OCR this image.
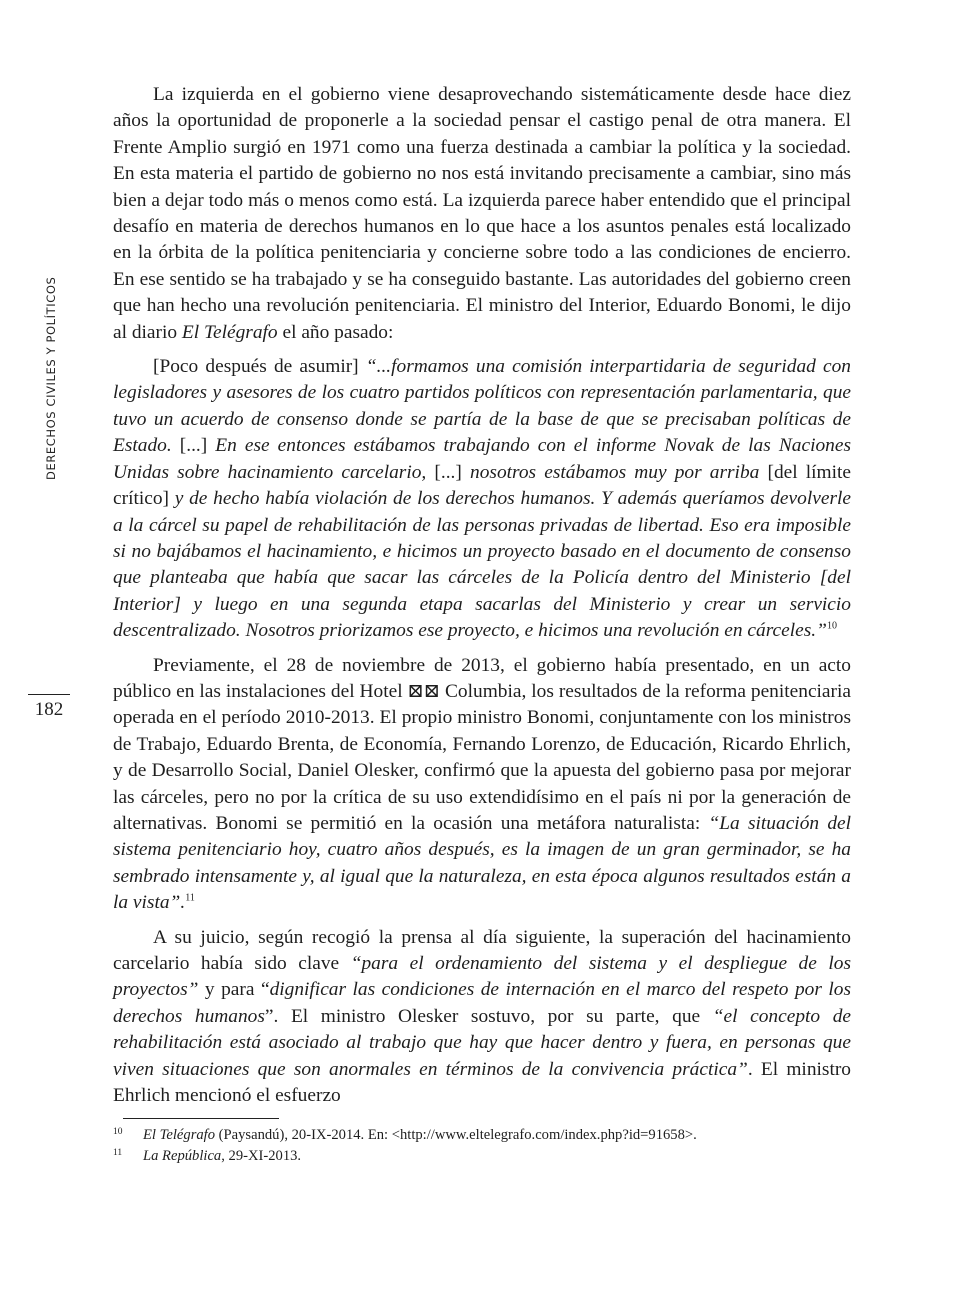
DERECHOS CIVILES Y POLÍTICOS
182

La izquierda en el gobierno viene desaprovechando sistemáticamente desde hace diez años la oportunidad de proponerle a la sociedad pensar el castigo penal de otra manera. El Frente Amplio surgió en 1971 como una fuerza destinada a cambiar la política y la sociedad. En esta materia el partido de gobierno no nos está invitando precisamente a cambiar, sino más bien a dejar todo más o menos como está. La izquierda parece haber entendido que el principal desafío en materia de derechos humanos en lo que hace a los asuntos penales está localizado en la órbita de la política penitenciaria y concierne sobre todo a las condiciones de encierro. En ese sentido se ha trabajado y se ha conseguido bastante. Las autoridades del gobierno creen que han hecho una revolución penitenciaria. El ministro del Interior, Eduardo Bonomi, le dijo al diario El Telégrafo el año pasado:

[Poco después de asumir] “...formamos una comisión interpartidaria de seguridad con legisladores y asesores de los cuatro partidos políticos con representación parlamentaria, que tuvo un acuerdo de consenso donde se partía de la base de que se precisaban políticas de Estado. [...] En ese entonces estábamos trabajando con el informe Novak de las Naciones Unidas sobre hacinamiento carcelario, [...] nosotros estábamos muy por arriba [del límite crítico] y de hecho había violación de los derechos humanos. Y además queríamos devolverle a la cárcel su papel de rehabilitación de las personas privadas de libertad. Eso era imposible si no bajábamos el hacinamiento, e hicimos un proyecto basado en el documento de consenso que planteaba que había que sacar las cárceles de la Policía dentro del Ministerio [del Interior] y luego en una segunda etapa sacarlas del Ministerio y crear un servicio descentralizado. Nosotros priorizamos ese proyecto, e hicimos una revolución en cárceles.”$^{10}$

Previamente, el 28 de noviembre de 2013, el gobierno había presentado, en un acto público en las instalaciones del Hotel ⊠⊠ Columbia, los resultados de la reforma penitenciaria operada en el período 2010-2013. El propio ministro Bonomi, conjuntamente con los ministros de Trabajo, Eduardo Brenta, de Economía, Fernando Lorenzo, de Educación, Ricardo Ehrlich, y de Desarrollo Social, Daniel Olesker, confirmó que la apuesta del gobierno pasa por mejorar las cárceles, pero no por la crítica de su uso extendidísimo en el país ni por la generación de alternativas. Bonomi se permitió en la ocasión una metáfora naturalista: “La situación del sistema penitenciario hoy, cuatro años después, es la imagen de un gran germinador, se ha sembrado intensamente y, al igual que la naturaleza, en esta época algunos resultados están a la vista”.$^{11}$

A su juicio, según recogió la prensa al día siguiente, la superación del hacinamiento carcelario había sido clave “para el ordenamiento del sistema y el despliegue de los proyectos” y para “dignificar las condiciones de internación en el marco del respeto por los derechos humanos”. El ministro Olesker sostuvo, por su parte, que “el concepto de rehabilitación está asociado al trabajo que hay que hacer dentro y fuera, en personas que viven situaciones que son anormales en términos de la convivencia práctica”. El ministro Ehrlich mencionó el esfuerzo

10	El Telégrafo (Paysandú), 20-IX-2014. En: <http://www.eltelegrafo.com/index.php?id=91658>.
11	La República, 29-XI-2013.
